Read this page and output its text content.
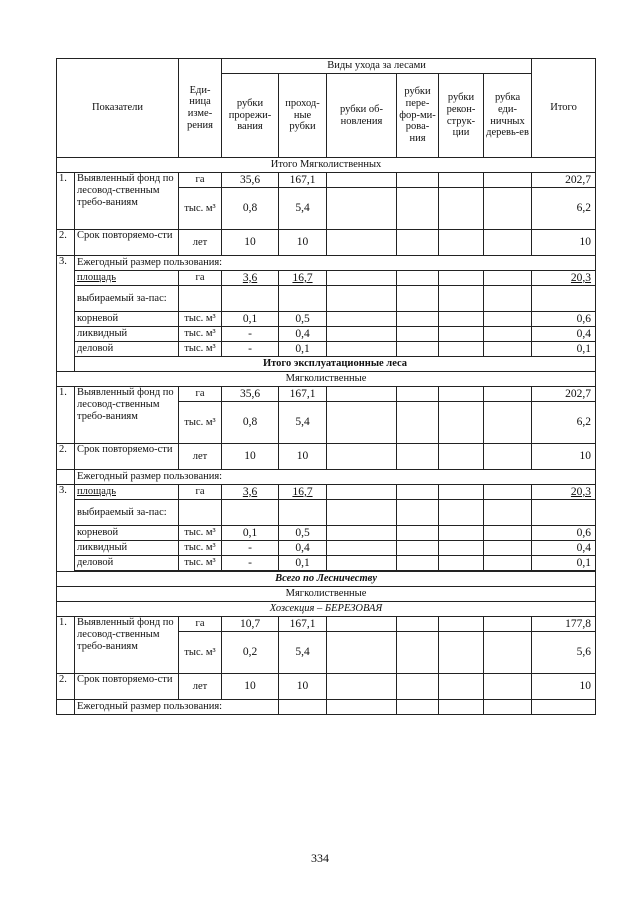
Показатели		Еди-ница изме-рения	Виды ухода за лесами						Итого
			рубки прорежи-вания	проход-ные рубки	рубки об-новления	рубки пере-фор-ми-рова-ния	рубки рекон-струк-ции	рубка еди-ничных деревь-ев	
Итого Мягколиственных									
1.	Выявленный фонд по лесовод-ственным требо-ваниям	га	35,6	167,1					202,7
		тыс. м³	0,8	5,4					6,2
2.	Срок повторяемо-сти	лет	10	10					10
3.	Ежегодный размер пользования:								
	площадь	га	3,6	16,7					20,3
	выбираемый за-пас:								
	корневой	тыс. м³	0,1	0,5					0,6
	ликвидный	тыс. м³	-	0,4					0,4
	деловой	тыс. м³	-	0,1					0,1
	Итого эксплуатационные леса								
Мягколиственные									
1.	Выявленный фонд по лесовод-ственным требо-ваниям	га	35,6	167,1					202,7
		тыс. м³	0,8	5,4					6,2
2.	Срок повторяемо-сти	лет	10	10					10
	Ежегодный размер пользования:								
3.	площадь	га	3,6	16,7					20,3
	выбираемый за-пас:								
	корневой	тыс. м³	0,1	0,5					0,6
	ликвидный	тыс. м³	-	0,4					0,4
	деловой	тыс. м³	-	0,1					0,1

Всего по Лесничеству									
Мягколиственные									
Хозсекция – БЕРЕЗОВАЯ									
1.	Выявленный фонд по лесовод-ственным требо-ваниям	га	10,7	167,1					177,8
		тыс. м³	0,2	5,4					5,6
2.	Срок повторяемо-сти	лет	10	10					10
	Ежегодный размер пользования:								
334
